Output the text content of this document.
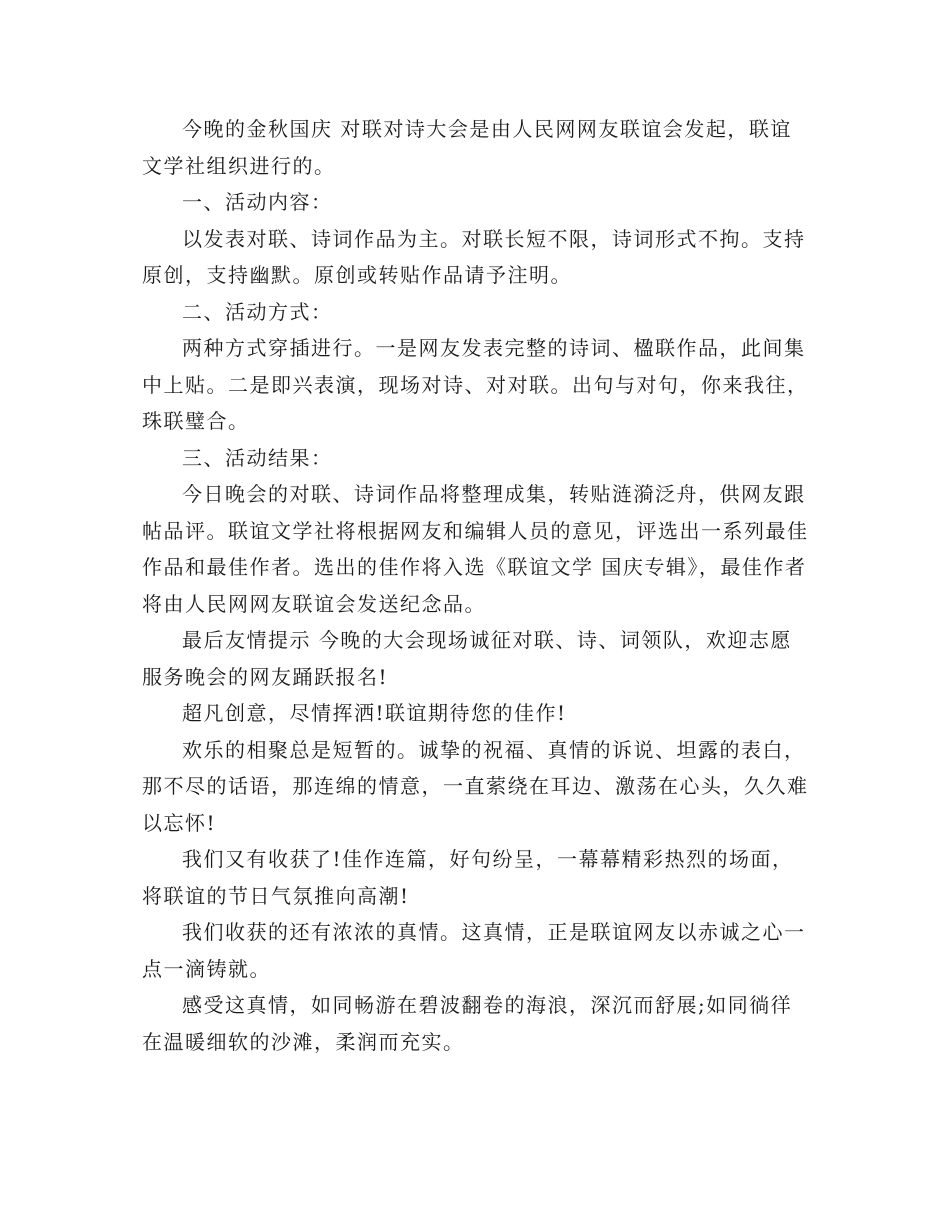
今晚的金秋国庆 对联对诗大会是由人民网网友联谊会发起，联谊文学社组织进行的。

一、活动内容：

以发表对联、诗词作品为主。对联长短不限，诗词形式不拘。支持原创，支持幽默。原创或转贴作品请予注明。

二、活动方式：

两种方式穿插进行。一是网友发表完整的诗词、楹联作品，此间集中上贴。二是即兴表演，现场对诗、对对联。出句与对句，你来我往，珠联璧合。

三、活动结果：

今日晚会的对联、诗词作品将整理成集，转贴涟漪泛舟，供网友跟帖品评。联谊文学社将根据网友和编辑人员的意见，评选出一系列最佳作品和最佳作者。选出的佳作将入选《联谊文学 国庆专辑》，最佳作者将由人民网网友联谊会发送纪念品。

最后友情提示 今晚的大会现场诚征对联、诗、词领队，欢迎志愿服务晚会的网友踊跃报名!

超凡创意，尽情挥洒!联谊期待您的佳作!

欢乐的相聚总是短暂的。诚挚的祝福、真情的诉说、坦露的表白，那不尽的话语，那连绵的情意，一直萦绕在耳边、激荡在心头，久久难以忘怀!

我们又有收获了!佳作连篇，好句纷呈，一幕幕精彩热烈的场面，将联谊的节日气氛推向高潮!

我们收获的还有浓浓的真情。这真情，正是联谊网友以赤诚之心一点一滴铸就。

感受这真情，如同畅游在碧波翻卷的海浪，深沉而舒展;如同徜徉在温暖细软的沙滩，柔润而充实。
